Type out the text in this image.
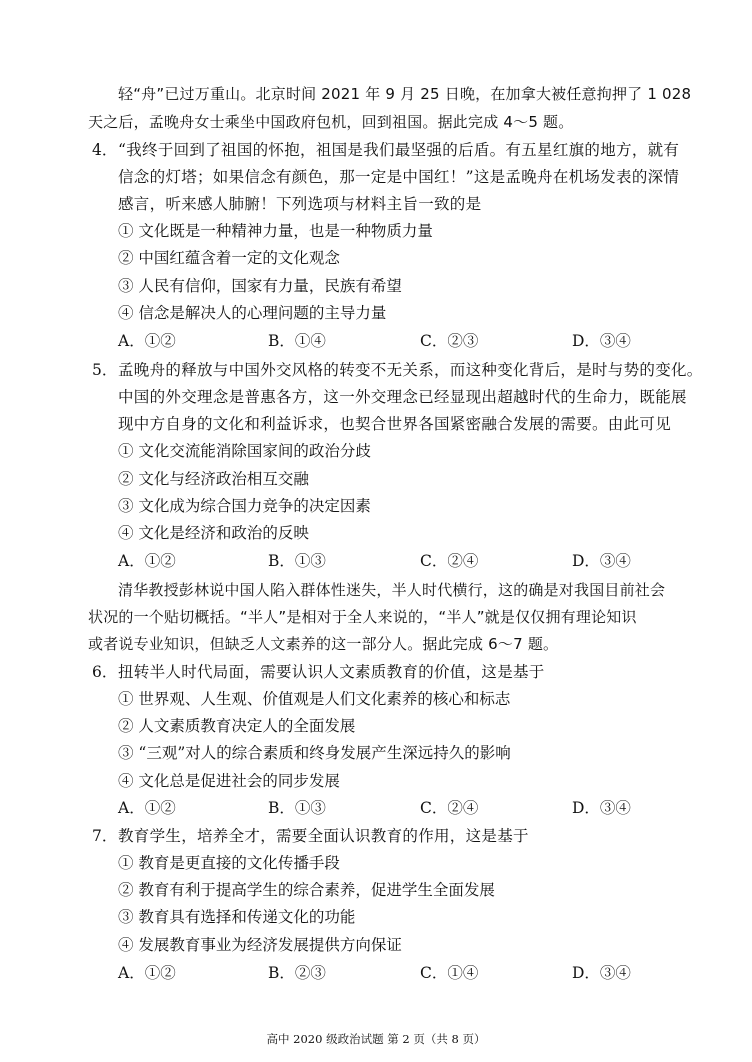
轻“舟”已过万重山。北京时间 2021 年 9 月 25 日晚，在加拿大被任意拘押了 1 028
天之后，孟晚舟女士乘坐中国政府包机，回到祖国。据此完成 4～5 题。
4． “我终于回到了祖国的怀抱，祖国是我们最坚强的后盾。有五星红旗的地方，就有
信念的灯塔；如果信念有颜色，那一定是中国红！”这是孟晚舟在机场发表的深情
感言，听来感人肺腑！下列选项与材料主旨一致的是
① 文化既是一种精神力量，也是一种物质力量
② 中国红蕴含着一定的文化观念
③ 人民有信仰，国家有力量，民族有希望
④ 信念是解决人的心理问题的主导力量
A．①②	B．①④	C．②③	D．③④
5． 孟晚舟的释放与中国外交风格的转变不无关系，而这种变化背后，是时与势的变化。
中国的外交理念是普惠各方，这一外交理念已经显现出超越时代的生命力，既能展
现中方自身的文化和利益诉求，也契合世界各国紧密融合发展的需要。由此可见
① 文化交流能消除国家间的政治分歧
② 文化与经济政治相互交融
③ 文化成为综合国力竞争的决定因素
④ 文化是经济和政治的反映
A．①②	B．①③	C．②④	D．③④
清华教授彭林说中国人陷入群体性迷失，半人时代横行，这的确是对我国目前社会
状况的一个贴切概括。“半人”是相对于全人来说的，“半人”就是仅仅拥有理论知识
或者说专业知识，但缺乏人文素养的这一部分人。据此完成 6～7 题。
6． 扭转半人时代局面，需要认识人文素质教育的价值，这是基于
① 世界观、人生观、价值观是人们文化素养的核心和标志
② 人文素质教育决定人的全面发展
③ “三观”对人的综合素质和终身发展产生深远持久的影响
④ 文化总是促进社会的同步发展
A．①②	B．①③	C．②④	D．③④
7． 教育学生，培养全才，需要全面认识教育的作用，这是基于
① 教育是更直接的文化传播手段
② 教育有利于提高学生的综合素养，促进学生全面发展
③ 教育具有选择和传递文化的功能
④ 发展教育事业为经济发展提供方向保证
A．①②	B．②③	C．①④	D．③④
高中 2020 级政治试题 第 2 页（共 8 页）
